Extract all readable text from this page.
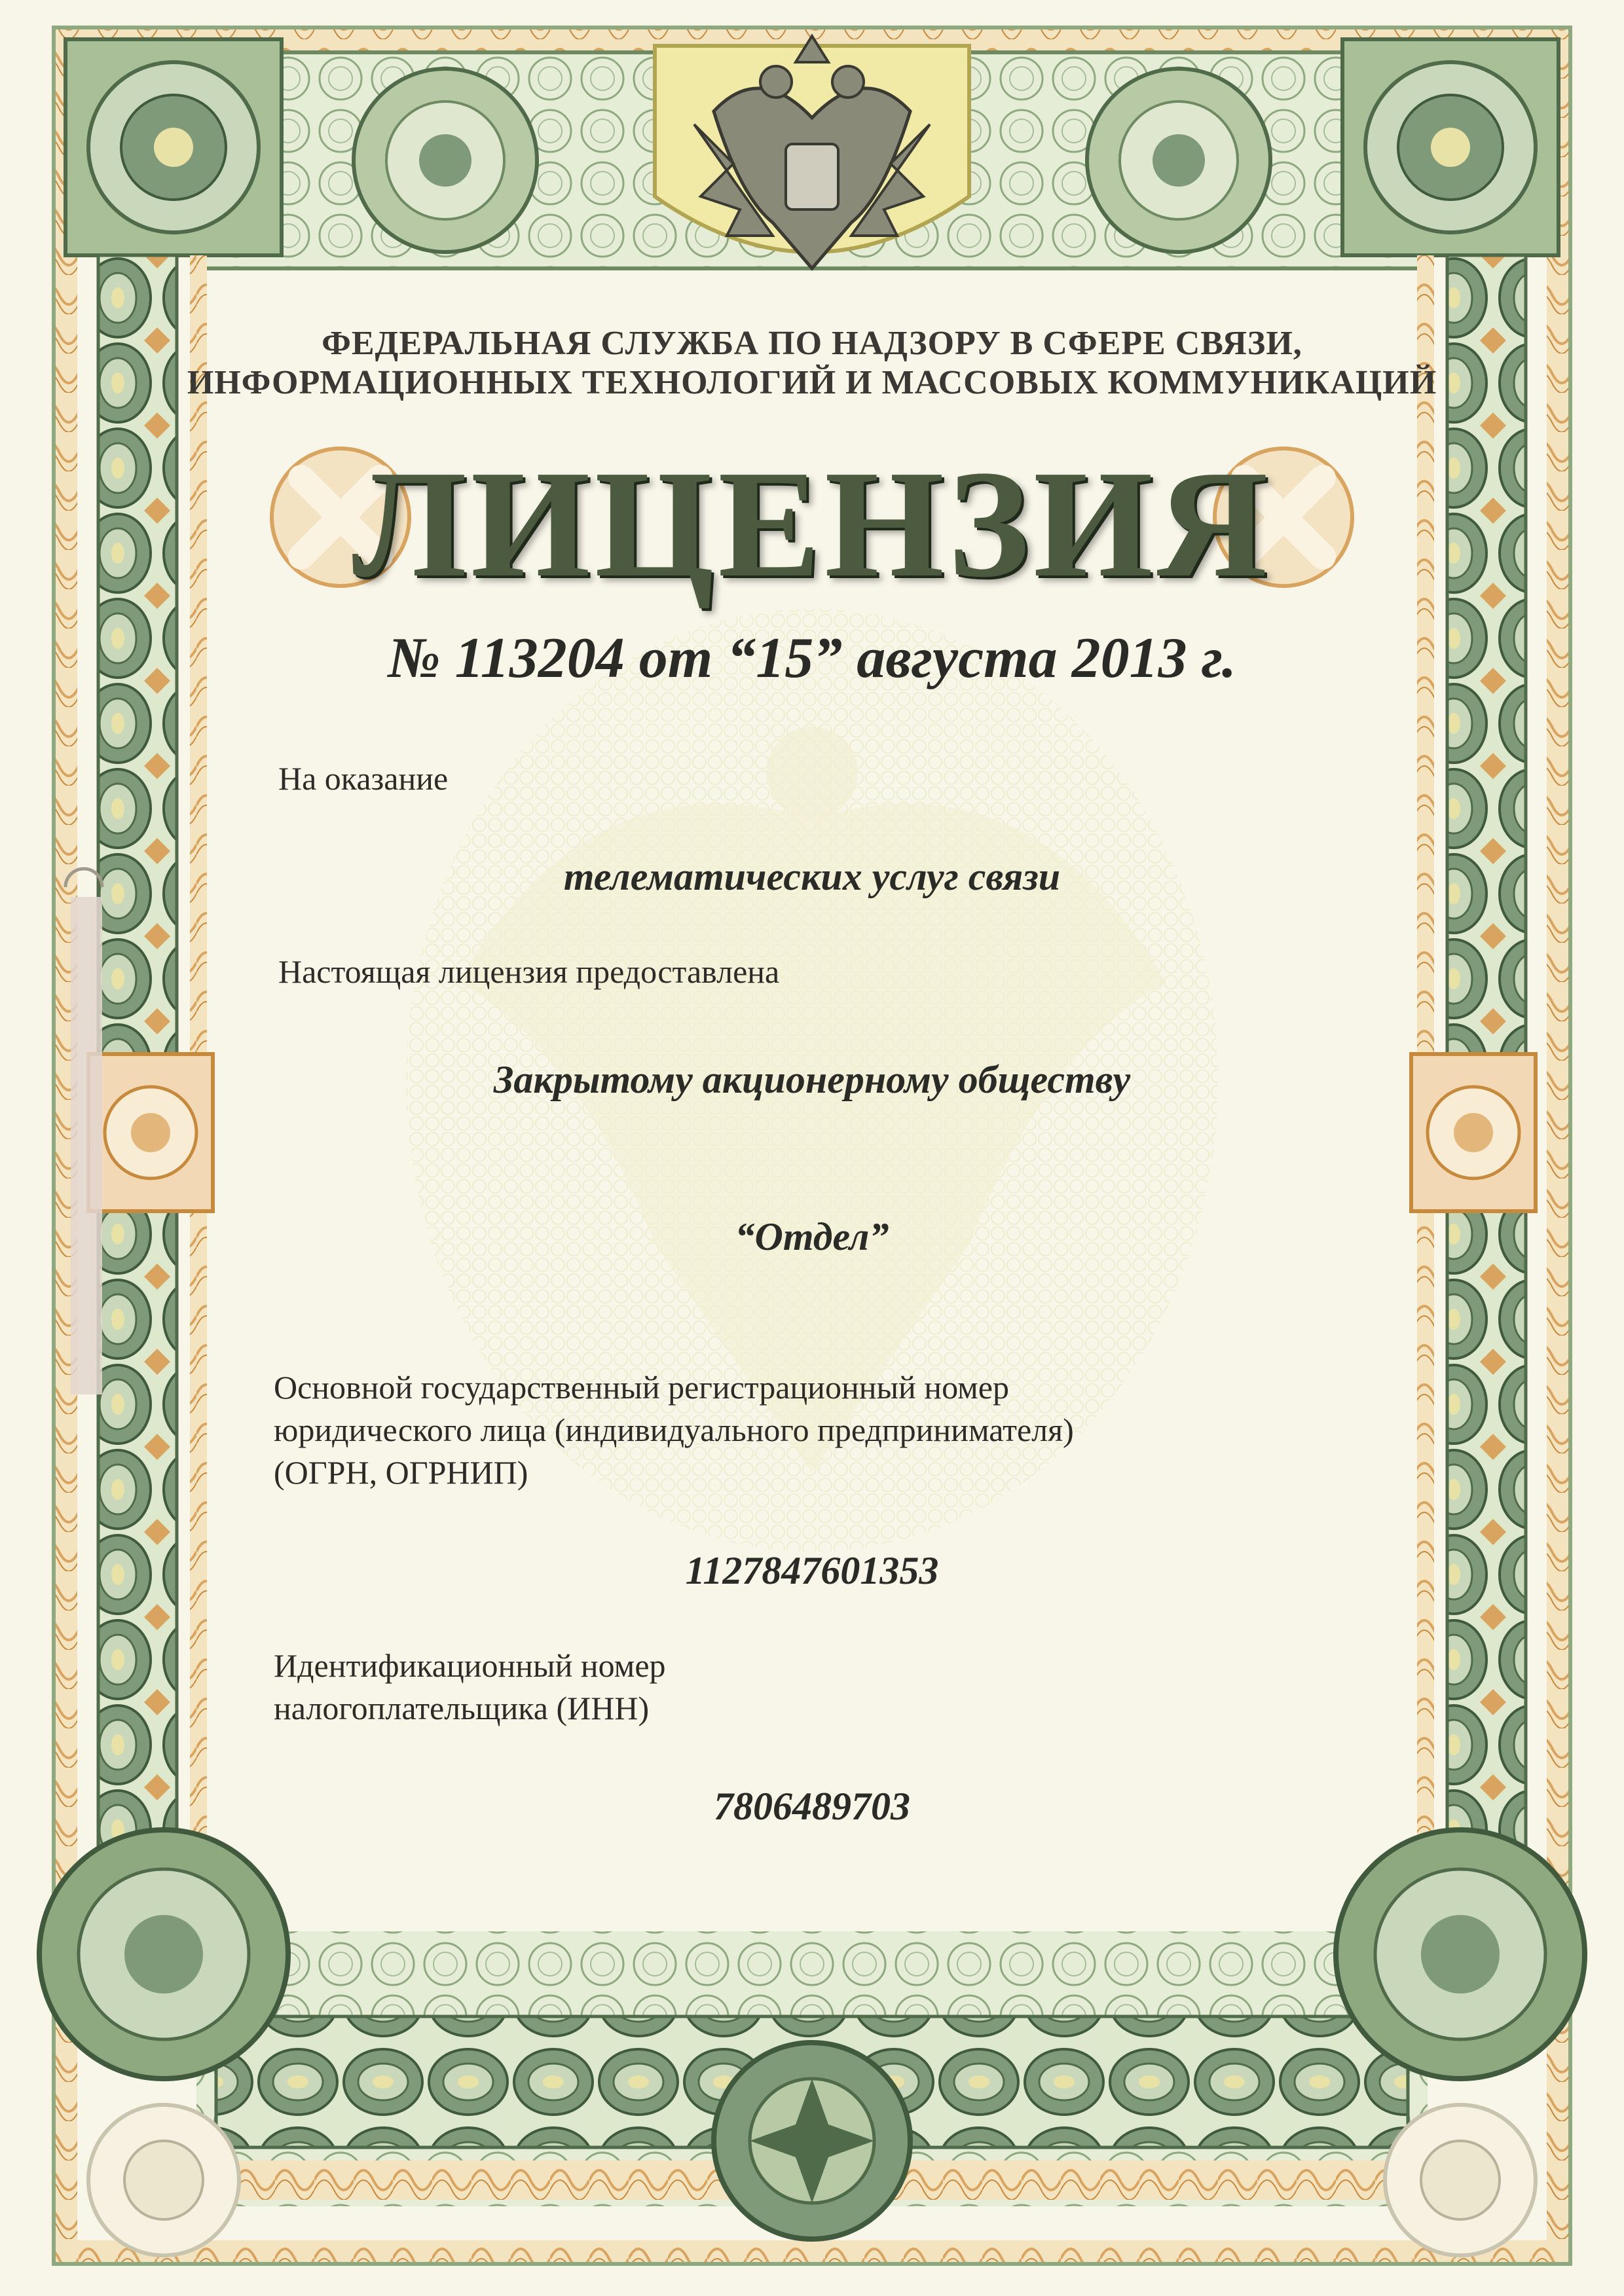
ФЕДЕРАЛЬНАЯ СЛУЖБА ПО НАДЗОРУ В СФЕРЕ СВЯЗИ,

ИНФОРМАЦИОННЫХ ТЕХНОЛОГИЙ И МАССОВЫХ КОММУНИКАЦИЙ

ЛИЦЕНЗИЯ

№ 113204 от “15” августа 2013 г.

На оказание

телематических услуг связи

Настоящая лицензия предоставлена

Закрытому акционерному обществу

“Отдел”

Основной государственный регистрационный номер

юридического лица (индивидуального предпринимателя)

(ОГРН, ОГРНИП)

1127847601353

Идентификационный номер

налогоплательщика (ИНН)

7806489703
